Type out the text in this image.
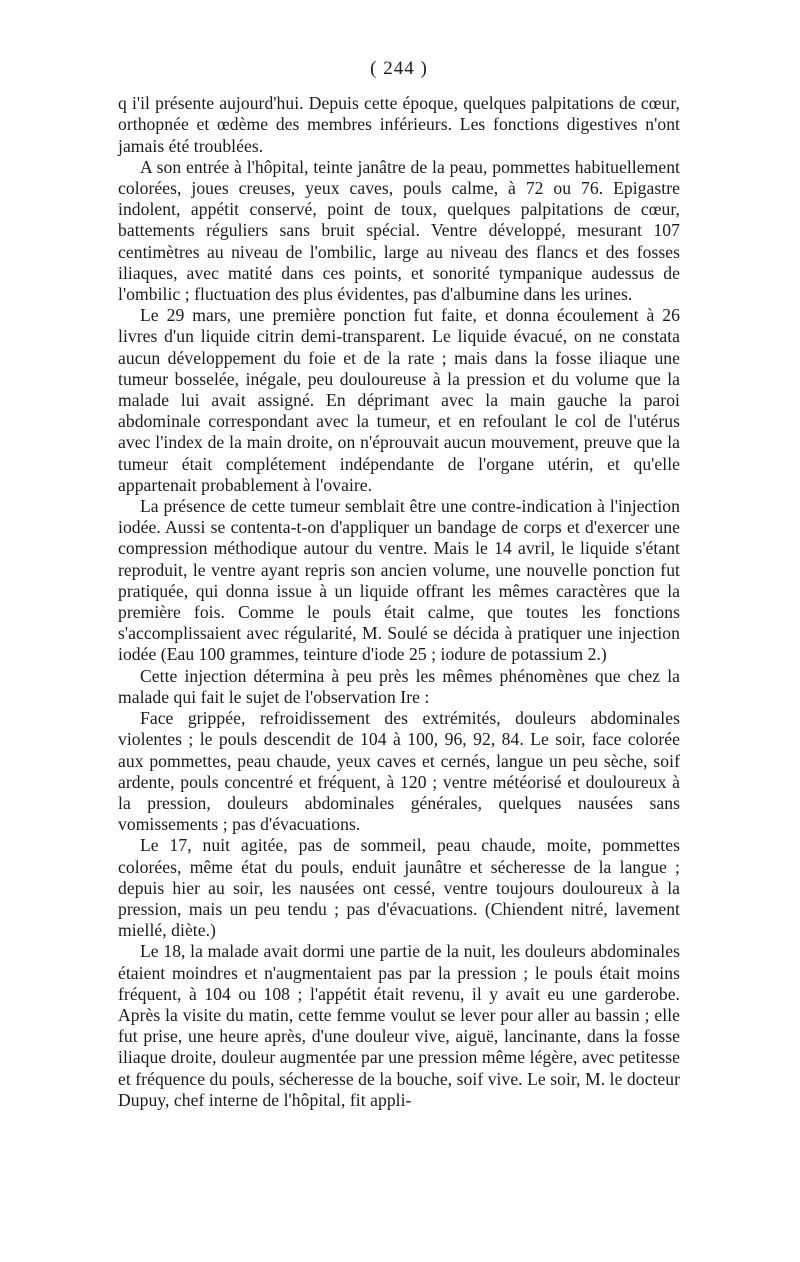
( 244 )

q i'il présente aujourd'hui. Depuis cette époque, quelques palpitations de cœur, orthopnée et œdème des membres inférieurs. Les fonctions digestives n'ont jamais été troublées.

A son entrée à l'hôpital, teinte janâtre de la peau, pommettes habituellement colorées, joues creuses, yeux caves, pouls calme, à 72 ou 76. Epigastre indolent, appétit conservé, point de toux, quelques palpitations de cœur, battements réguliers sans bruit spécial. Ventre développé, mesurant 107 centimètres au niveau de l'ombilic, large au niveau des flancs et des fosses iliaques, avec matité dans ces points, et sonorité tympanique audessus de l'ombilic ; fluctuation des plus évidentes, pas d'albumine dans les urines.

Le 29 mars, une première ponction fut faite, et donna écoulement à 26 livres d'un liquide citrin demi-transparent. Le liquide évacué, on ne constata aucun développement du foie et de la rate ; mais dans la fosse iliaque une tumeur bosselée, inégale, peu douloureuse à la pression et du volume que la malade lui avait assigné. En déprimant avec la main gauche la paroi abdominale correspondant avec la tumeur, et en refoulant le col de l'utérus avec l'index de la main droite, on n'éprouvait aucun mouvement, preuve que la tumeur était complétement indépendante de l'organe utérin, et qu'elle appartenait probablement à l'ovaire.

La présence de cette tumeur semblait être une contre-indication à l'injection iodée. Aussi se contenta-t-on d'appliquer un bandage de corps et d'exercer une compression méthodique autour du ventre. Mais le 14 avril, le liquide s'étant reproduit, le ventre ayant repris son ancien volume, une nouvelle ponction fut pratiquée, qui donna issue à un liquide offrant les mêmes caractères que la première fois. Comme le pouls était calme, que toutes les fonctions s'accomplissaient avec régularité, M. Soulé se décida à pratiquer une injection iodée (Eau 100 grammes, teinture d'iode 25 ; iodure de potassium 2.)

Cette injection détermina à peu près les mêmes phénomènes que chez la malade qui fait le sujet de l'observation Ire :

Face grippée, refroidissement des extrémités, douleurs abdominales violentes ; le pouls descendit de 104 à 100, 96, 92, 84. Le soir, face colorée aux pommettes, peau chaude, yeux caves et cernés, langue un peu sèche, soif ardente, pouls concentré et fréquent, à 120 ; ventre météorisé et douloureux à la pression, douleurs abdominales générales, quelques nausées sans vomissements ; pas d'évacuations.

Le 17, nuit agitée, pas de sommeil, peau chaude, moite, pommettes colorées, même état du pouls, enduit jaunâtre et sécheresse de la langue ; depuis hier au soir, les nausées ont cessé, ventre toujours douloureux à la pression, mais un peu tendu ; pas d'évacuations. (Chiendent nitré, lavement miellé, diète.)

Le 18, la malade avait dormi une partie de la nuit, les douleurs abdominales étaient moindres et n'augmentaient pas par la pression ; le pouls était moins fréquent, à 104 ou 108 ; l'appétit était revenu, il y avait eu une garderobe. Après la visite du matin, cette femme voulut se lever pour aller au bassin ; elle fut prise, une heure après, d'une douleur vive, aiguë, lancinante, dans la fosse iliaque droite, douleur augmentée par une pression même légère, avec petitesse et fréquence du pouls, sécheresse de la bouche, soif vive. Le soir, M. le docteur Dupuy, chef interne de l'hôpital, fit appli-
